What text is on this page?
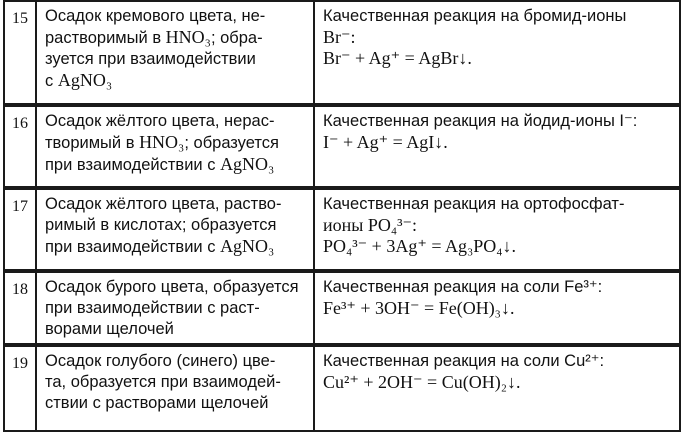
15	Осадок кремового цвета, не-
растворимый в HNO₃; обра-
зуется при взаимодействии
с AgNO₃	Качественная реакция на бромид-ионы
Br⁻:
Br⁻ + Ag⁺ = AgBr↓.

16	Осадок жёлтого цвета, нерас-
творимый в HNO₃; образуется
при взаимодействии с AgNO₃	Качественная реакция на йодид-ионы I⁻:
I⁻ + Ag⁺ = AgI↓.

17	Осадок жёлтого цвета, раство-
римый в кислотах; образуется
при взаимодействии с AgNO₃	Качественная реакция на ортофосфат-
ионы PO₄³⁻:
PO₄³⁻ + 3Ag⁺ = Ag₃PO₄↓.

18	Осадок бурого цвета, образуется
при взаимодействии с раст-
ворами щелочей	Качественная реакция на соли Fe³⁺:
Fe³⁺ + 3OH⁻ = Fe(OH)₃↓.

19	Осадок голубого (синего) цве-
та, образуется при взаимодей-
ствии с растворами щелочей	Качественная реакция на соли Cu²⁺:
Cu²⁺ + 2OH⁻ = Cu(OH)₂↓.
